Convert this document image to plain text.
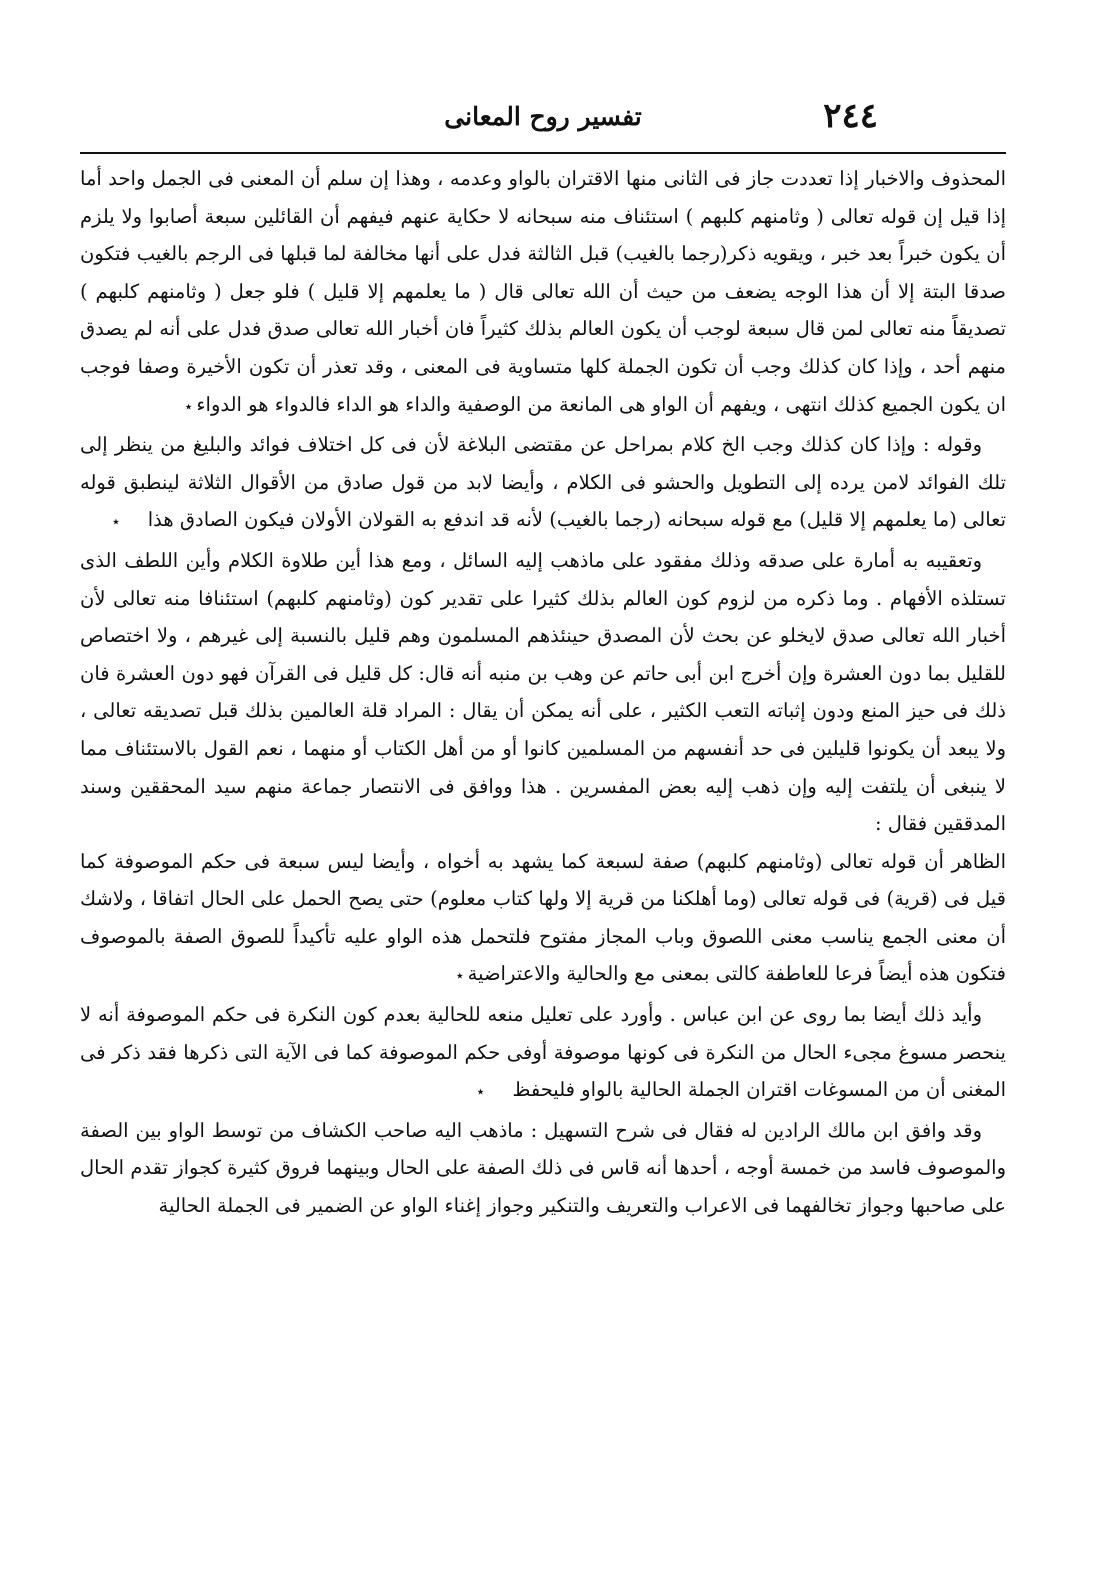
٢٤٤
تفسير روح المعانى

المحذوف والاخبار إذا تعددت جاز فى الثانى منها الاقتران بالواو وعدمه ، وهذا إن سلم أن المعنى فى الجمل واحد أما إذا قيل إن قوله تعالى ( وثامنهم كلبهم ) استئناف منه سبحانه لا حكاية عنهم فيفهم أن القائلين سبعة أصابوا ولا يلزم أن يكون خبراً بعد خبر ، ويقويه ذكر(رجما بالغيب) قبل الثالثة فدل على أنها مخالفة لما قبلها فى الرجم بالغيب فتكون صدقا البتة إلا أن هذا الوجه يضعف من حيث أن الله تعالى قال ( ما يعلمهم إلا قليل ) فلو جعل ( وثامنهم كلبهم ) تصديقاً منه تعالى لمن قال سبعة لوجب أن يكون العالم بذلك كثيراً فان أخبار الله تعالى صدق فدل على أنه لم يصدق منهم أحد ، وإذا كان كذلك وجب أن تكون الجملة كلها متساوية فى المعنى ، وقد تعذر أن تكون الأخيرة وصفا فوجب ان يكون الجميع كذلك انتهى ، ويفهم أن الواو هى المانعة من الوصفية والداء هو الداء فالدواء هو الدواء٭

وقوله : وإذا كان كذلك وجب الخ كلام بمراحل عن مقتضى البلاغة لأن فى كل اختلاف فوائد والبليغ من ينظر إلى تلك الفوائد لامن يرده إلى التطويل والحشو فى الكلام ، وأيضا لابد من قول صادق من الأقوال الثلاثة لينطبق قوله تعالى (ما يعلمهم إلا قليل) مع قوله سبحانه (رجما بالغيب) لأنه قد اندفع به القولان الأولان فيكون الصادق هذا٭

وتعقيبه به أمارة على صدقه وذلك مفقود على ماذهب إليه السائل ، ومع هذا أين طلاوة الكلام وأين اللطف الذى تستلذه الأفهام . وما ذكره من لزوم كون العالم بذلك كثيرا على تقدير كون (وثامنهم كلبهم) استئنافا منه تعالى لأن أخبار الله تعالى صدق لايخلو عن بحث لأن المصدق حينئذهم المسلمون وهم قليل بالنسبة إلى غيرهم ، ولا اختصاص للقليل بما دون العشرة وإن أخرج ابن أبى حاتم عن وهب بن منبه أنه قال: كل قليل فى القرآن فهو دون العشرة فان ذلك فى حيز المنع ودون إثباته التعب الكثير ، على أنه يمكن أن يقال : المراد قلة العالمين بذلك قبل تصديقه تعالى ، ولا يبعد أن يكونوا قليلين فى حد أنفسهم من المسلمين كانوا أو من أهل الكتاب أو منهما ، نعم القول بالاستئناف مما لا ينبغى أن يلتفت إليه وإن ذهب إليه بعض المفسرين . هذا ووافق فى الانتصار جماعة منهم سيد المحققين وسند المدققين فقال :

الظاهر أن قوله تعالى (وثامنهم كلبهم) صفة لسبعة كما يشهد به أخواه ، وأيضا ليس سبعة فى حكم الموصوفة كما قيل فى (قرية) فى قوله تعالى (وما أهلكنا من قرية إلا ولها كتاب معلوم) حتى يصح الحمل على الحال اتفاقا ، ولاشك أن معنى الجمع يناسب معنى اللصوق وباب المجاز مفتوح فلتحمل هذه الواو عليه تأكيداً للصوق الصفة بالموصوف فتكون هذه أيضاً فرعا للعاطفة كالتى بمعنى مع والحالية والاعتراضية٭

وأيد ذلك أيضا بما روى عن ابن عباس . وأورد على تعليل منعه للحالية بعدم كون النكرة فى حكم الموصوفة أنه لا ينحصر مسوغ مجىء الحال من النكرة فى كونها موصوفة أوفى حكم الموصوفة كما فى الآية التى ذكرها فقد ذكر فى المغنى أن من المسوغات اقتران الجملة الحالية بالواو فليحفظ٭

وقد وافق ابن مالك الرادين له فقال فى شرح التسهيل : ماذهب اليه صاحب الكشاف من توسط الواو بين الصفة والموصوف فاسد من خمسة أوجه ، أحدها أنه قاس فى ذلك الصفة على الحال وبينهما فروق كثيرة كجواز تقدم الحال على صاحبها وجواز تخالفهما فى الاعراب والتعريف والتنكير وجواز إغناء الواو عن الضمير فى الجملة الحالية
